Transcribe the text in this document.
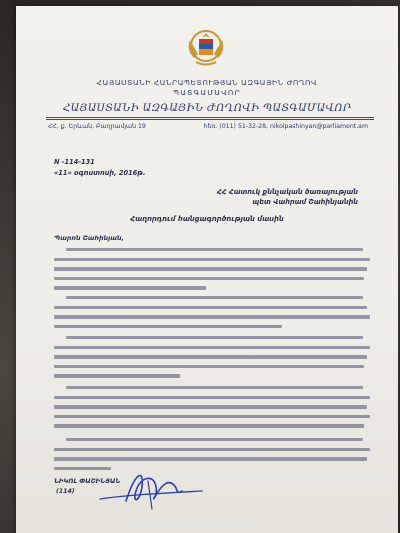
ՀԱՅԱՍՏԱՆԻ ՀԱՆՐԱՊԵՏՈՒԹՅԱՆ ԱԶԳԱՅԻՆ ԺՈՂՈՎ
ՊԱՏԳԱՄԱՎՈՐ
ՀԱՅԱՍՏԱՆԻ ԱԶԳԱՅԻՆ ԺՈՂՈՎԻ ՊԱՏԳԱՄԱՎՈՐ
ՀՀ, ք. Երևան, Բաղրամյան 19	հեռ. (011) 51-32-28, nikolpashinyan@parliament.am
N -114-131
«11» օգոստոսի, 2016թ.
ՀՀ Հատուկ քննչական ծառայության
պետ Վահրամ Շահինյանին
Հաղորդում հանցագործության մասին
Պարոն Շահինյան,
ՆԻԿՈԼ ՓԱՇԻՆՅԱՆ
(114)
